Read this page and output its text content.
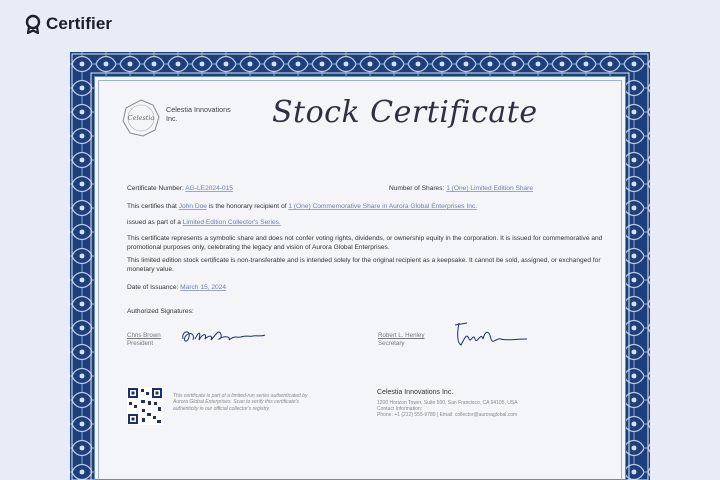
Certifier
Celestia
Celestia Innovations Inc.	Stock Certificate
Certificate Number: AG-LE2024-015	Number of Shares: 1 (One) Limited Edition Share
This certifies that John Doe is the honorary recipient of 1 (One) Commemorative Share in Aurora Global Enterprises Inc.
issued as part of a Limited Edition Collector's Series.
This certificate represents a symbolic share and does not confer voting rights, dividends, or ownership equity in the corporation. It is issued for commemorative and promotional purposes only, celebrating the legacy and vision of Aurora Global Enterprises.
This limited edition stock certificate is non-transferable and is intended solely for the original recipient as a keepsake. It cannot be sold, assigned, or exchanged for monetary value.
Date of Issuance: March 15, 2024
Authorized Signatures:
Chris Brown
President
Robert L. Henley
Secretary
This certificate is part of a limited-run series authenticated by Aurora Global Enterprises. Scan to verify this certificate's authenticity in our official collector's registry.
Celestia Innovations Inc.
1200 Horizon Tower, Suite 500, San Francisco, CA 94105, USA
Contact Information:
Phone: +1 (212) 555-9789 | Email: collector@auroraglobal.com
